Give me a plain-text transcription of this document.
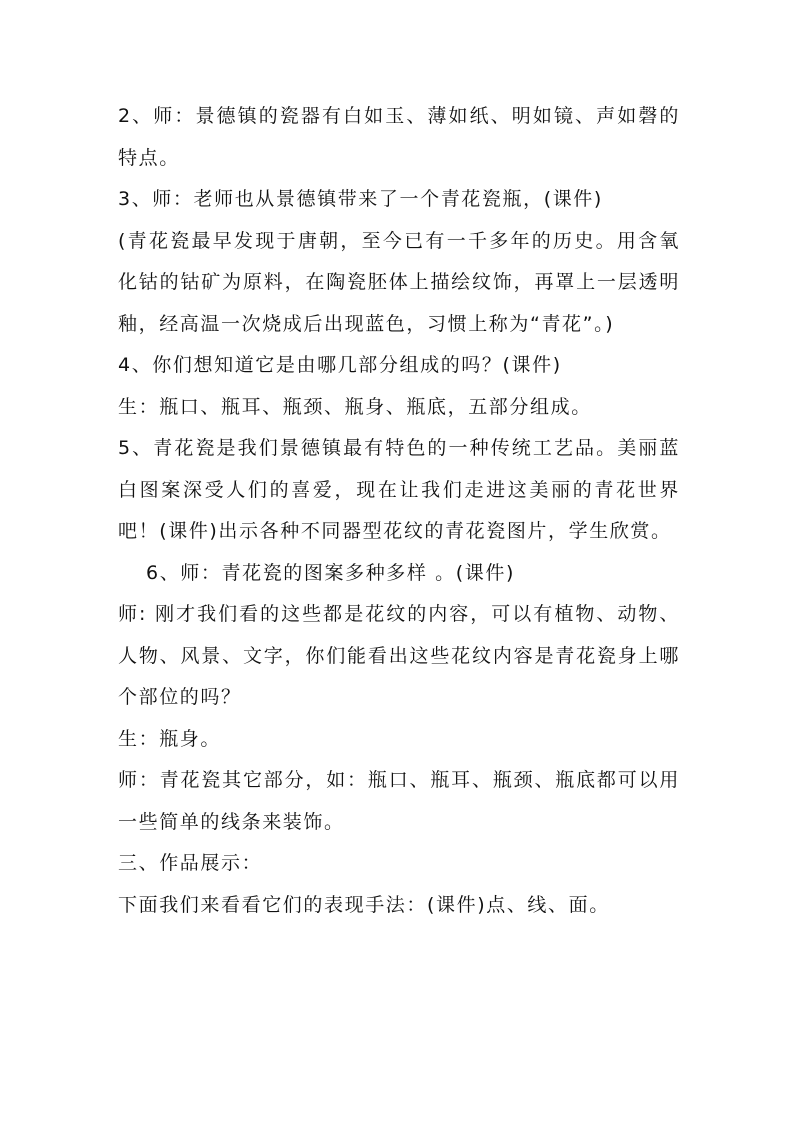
2、师：景德镇的瓷器有白如玉、薄如纸、明如镜、声如磬的特点。

3、师：老师也从景德镇带来了一个青花瓷瓶，(课件)

(青花瓷最早发现于唐朝，至今已有一千多年的历史。用含氧化钴的钴矿为原料，在陶瓷胚体上描绘纹饰，再罩上一层透明釉，经高温一次烧成后出现蓝色，习惯上称为“青花”。)

4、你们想知道它是由哪几部分组成的吗？(课件)

生：瓶口、瓶耳、瓶颈、瓶身、瓶底，五部分组成。

5、青花瓷是我们景德镇最有特色的一种传统工艺品。美丽蓝白图案深受人们的喜爱，现在让我们走进这美丽的青花世界吧！(课件)出示各种不同器型花纹的青花瓷图片，学生欣赏。

6、师：青花瓷的图案多种多样 。(课件)

师: 刚才我们看的这些都是花纹的内容，可以有植物、动物、人物、风景、文字，你们能看出这些花纹内容是青花瓷身上哪个部位的吗？

生：瓶身。

师：青花瓷其它部分，如：瓶口、瓶耳、瓶颈、瓶底都可以用一些简单的线条来装饰。

三、作品展示：

下面我们来看看它们的表现手法：(课件)点、线、面。
